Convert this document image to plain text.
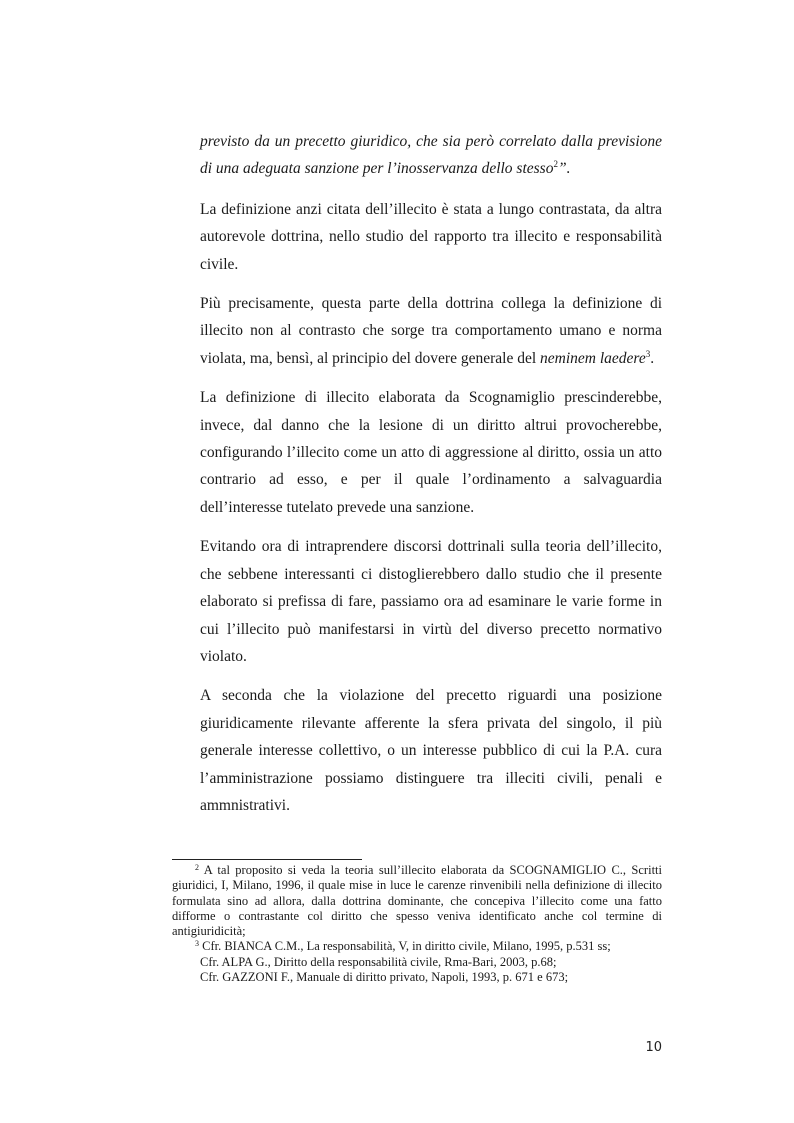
previsto da un precetto giuridico, che sia però correlato dalla previsione di una adeguata sanzione per l’inosservanza dello stesso$^2$”.

La definizione anzi citata dell’illecito è stata a lungo contrastata, da altra autorevole dottrina, nello studio del rapporto tra illecito e responsabilità civile.

Più precisamente, questa parte della dottrina collega la definizione di illecito non al contrasto che sorge tra comportamento umano e norma violata, ma, bensì, al principio del dovere generale del neminem laedere$^3$.

La definizione di illecito elaborata da Scognamiglio prescinderebbe, invece, dal danno che la lesione di un diritto altrui provocherebbe, configurando l’illecito come un atto di aggressione al diritto, ossia un atto contrario ad esso, e per il quale l’ordinamento a salvaguardia dell’interesse tutelato prevede una sanzione.

Evitando ora di intraprendere discorsi dottrinali sulla teoria dell’illecito, che sebbene interessanti ci distoglierebbero dallo studio che il presente elaborato si prefissa di fare, passiamo ora ad esaminare le varie forme in cui l’illecito può manifestarsi in virtù del diverso precetto normativo violato.

A seconda che la violazione del precetto riguardi una posizione giuridicamente rilevante afferente la sfera privata del singolo, il più generale interesse collettivo, o un interesse pubblico di cui la P.A. cura l’amministrazione possiamo distinguere tra illeciti civili, penali e ammnistrativi.

$^2$ A tal proposito si veda la teoria sull’illecito elaborata da SCOGNAMIGLIO C., Scritti giuridici, I, Milano, 1996, il quale mise in luce le carenze rinvenibili nella definizione di illecito formulata sino ad allora, dalla dottrina dominante, che concepiva l’illecito come una fatto difforme o contrastante col diritto che spesso veniva identificato anche col termine di antigiuridicità;

$^3$ Cfr. BIANCA C.M., La responsabilità, V, in diritto civile, Milano, 1995, p.531 ss;

Cfr. ALPA G., Diritto della responsabilità civile, Rma-Bari, 2003, p.68;

Cfr. GAZZONI F., Manuale di diritto privato, Napoli, 1993, p. 671 e 673;

10
